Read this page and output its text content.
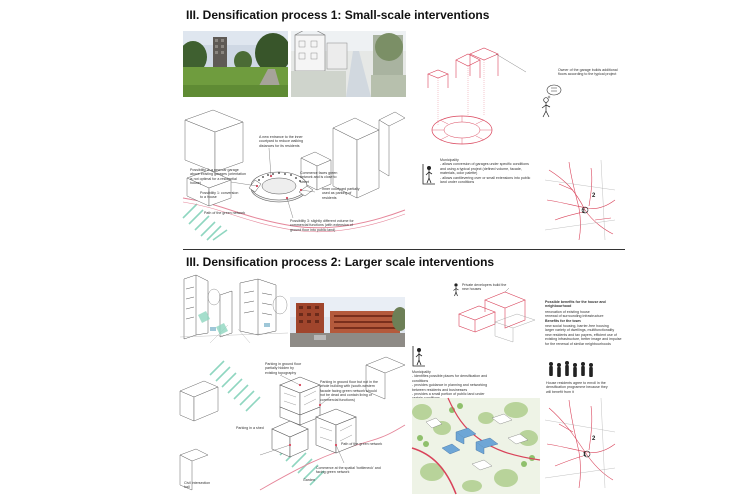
III. Densification process 1: Small-scale interventions
A new entrance to the inner courtyard to reduce walking distances for its residents
Possibility 2: a new car garage above existing garages (orientation is not optimal for a residential house)
Possibility 1: conversion to a house
Commerce faces green network and is close to street
Inner courtyard partially used as parking of residents
Path of the green network
Possibility 3: slightly different volume for commercial functions (with extension of ground floor into public land)
Owner of the garage builds additional floors according to the typical project
Municipality
- allows conversion of garages under specific conditions and using a typical project (defined volume, facade, materials, color palette)
- allows cantilevering over or small extensions into public land under conditions
2
1
III. Densification process 2: Larger scale interventions
Parking in ground floor partially hidden by existing topography
Parking in ground floor but not in the whole building with (south-western facade facing green network should not be dead and contain living or commercial functions)
Parking in a shed
Path of the green network
Commerce at the spatial 'bottleneck' and facing green network
Garden
Civil intersection hall
Private developers build the new houses
Municipality
- identifies possible places for densification and conditions
- provides guidance in planning and networking between residents and businesses
- provides a small portion of public land under
Possible benefits for the house and neighbourhood
renovation of existing house
renewal of surrounding infrastructure
Benefits for the town
new social housing, barrier-free housing
larger variety of dwellings, multifunctionality
new residents and tax payers, efficient use of existing infrastructure, better image and impulse for the renewal of similar neighbourhoods
House residents agree to enroll in the densification programme because they will benefit from it
2
1
